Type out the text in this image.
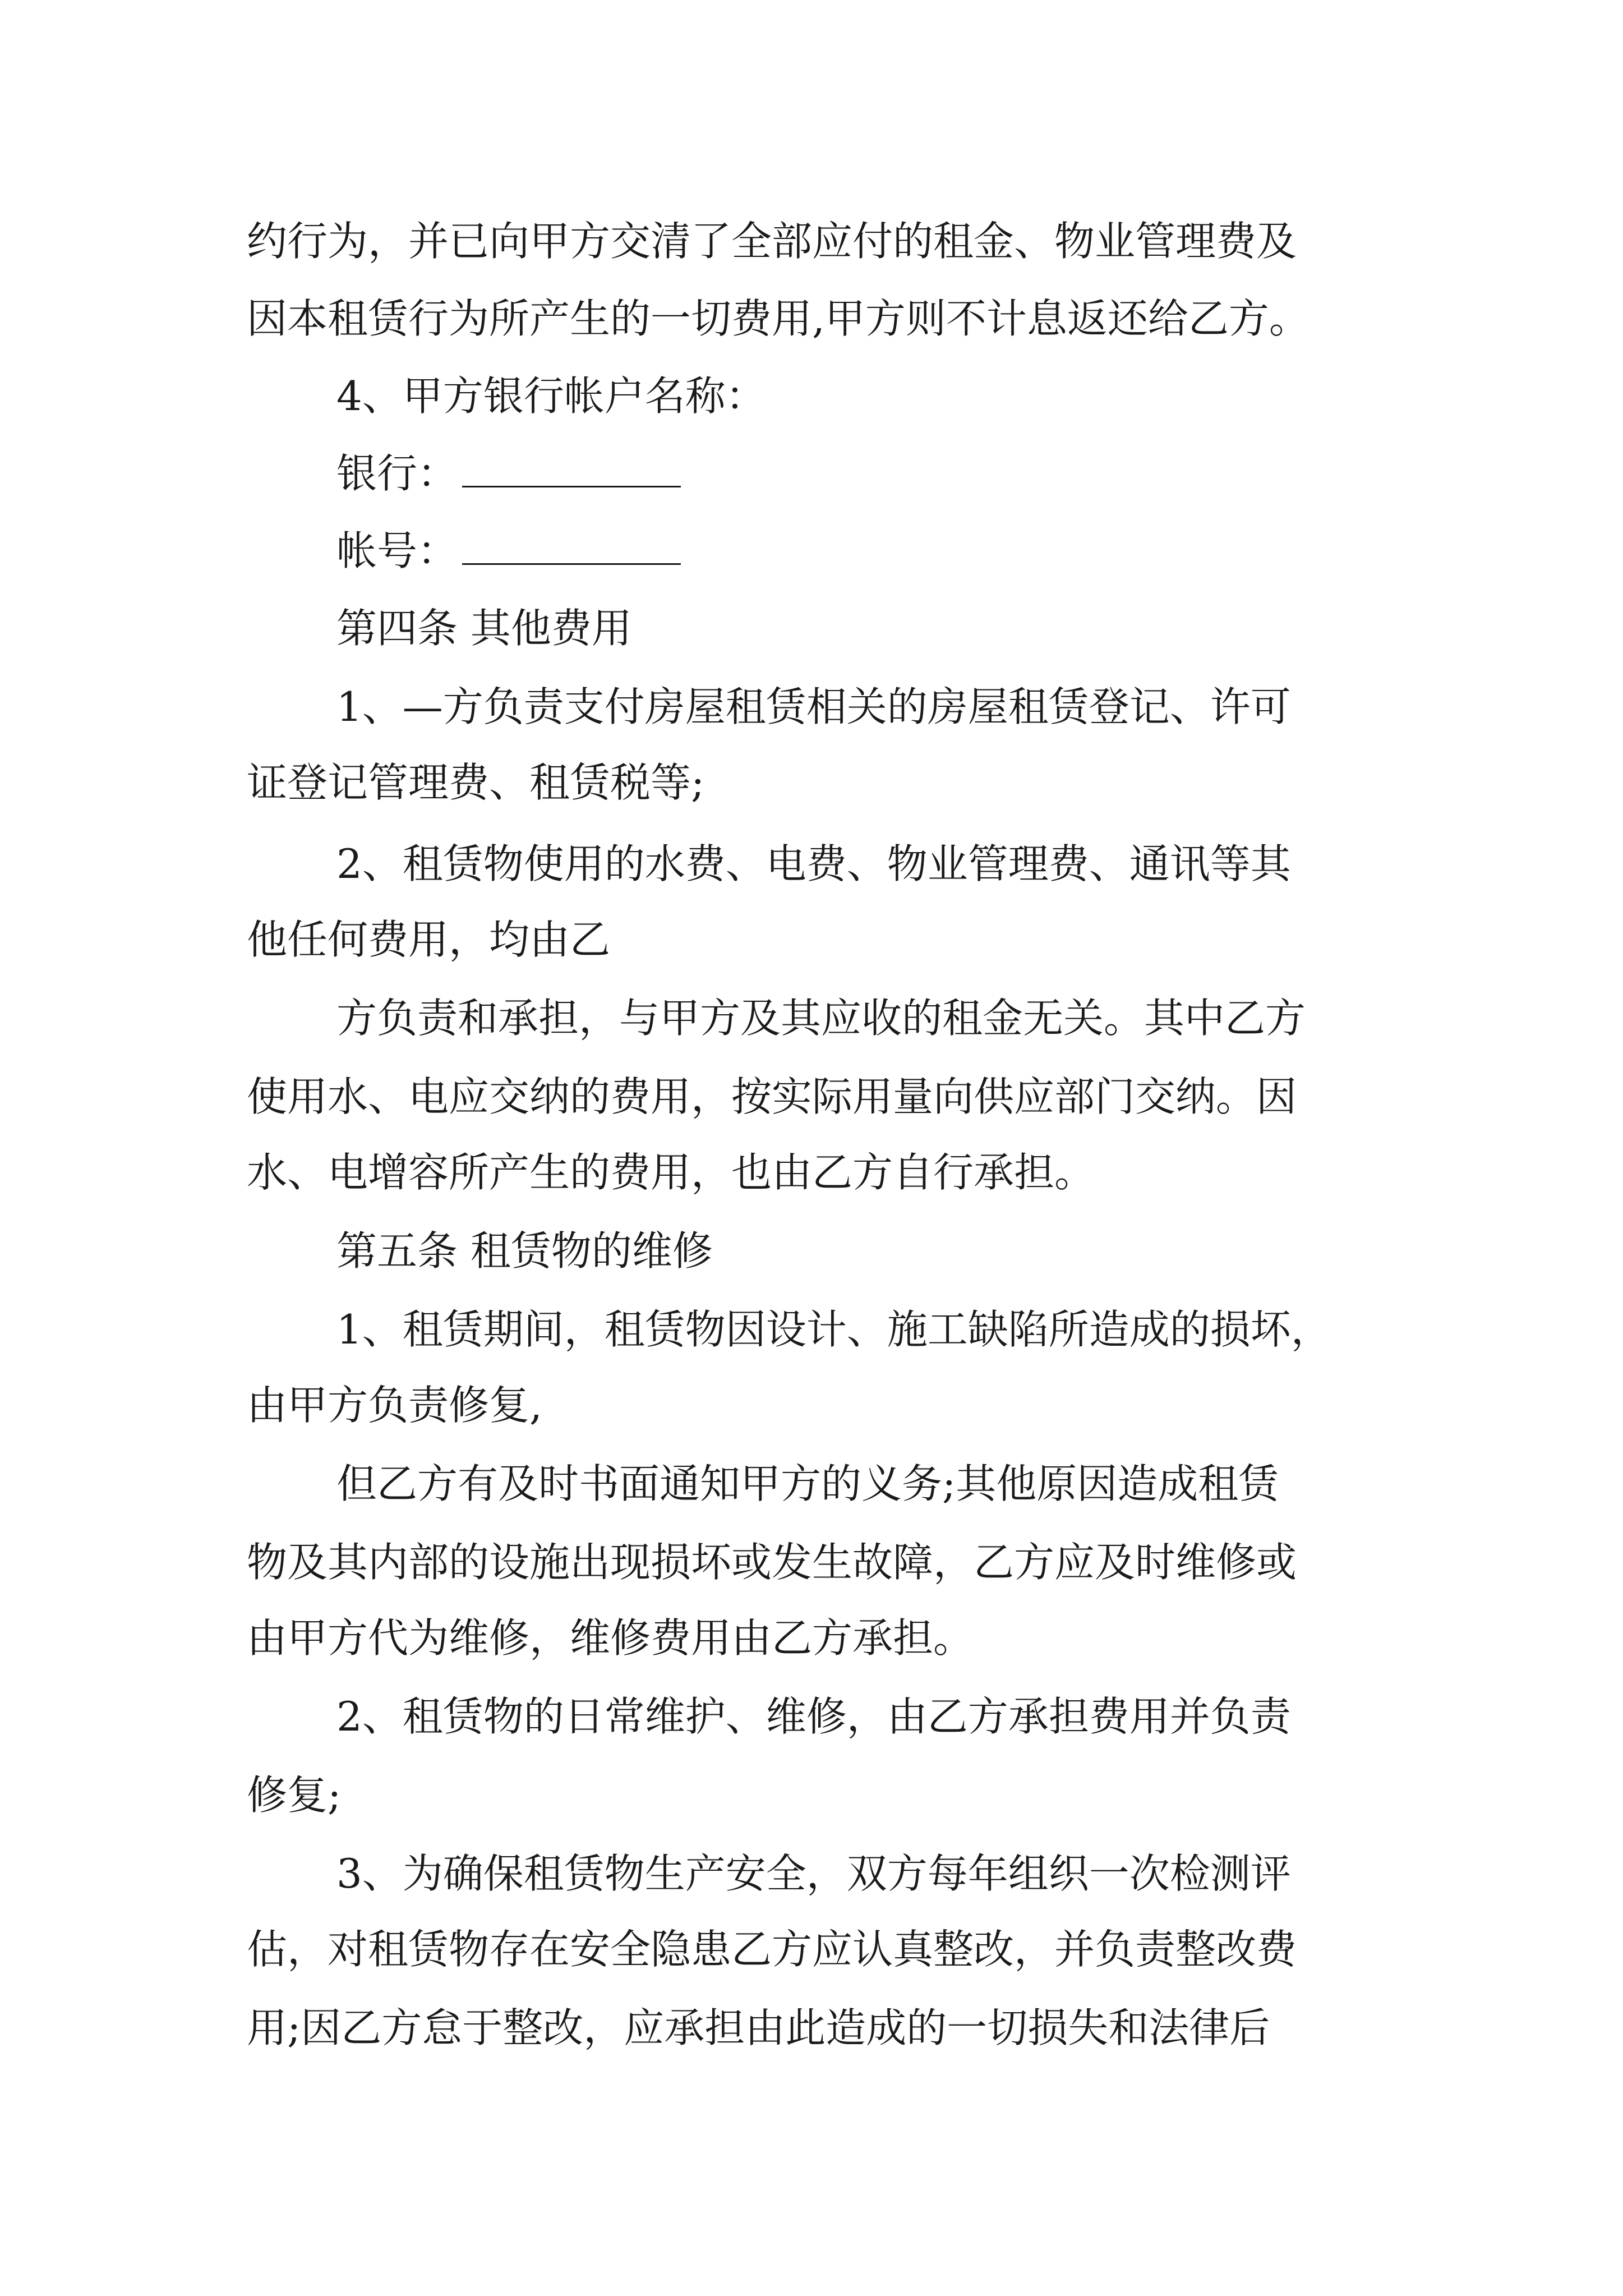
约行为，并已向甲方交清了全部应付的租金、物业管理费及
因本租赁行为所产生的一切费用,甲方则不计息返还给乙方。
4、甲方银行帐户名称：
银行：
帐号：
第四条 其他费用
1、—方负责支付房屋租赁相关的房屋租赁登记、许可
证登记管理费、租赁税等;
2、租赁物使用的水费、电费、物业管理费、通讯等其
他任何费用，均由乙
方负责和承担，与甲方及其应收的租金无关。其中乙方
使用水、电应交纳的费用，按实际用量向供应部门交纳。因
水、电增容所产生的费用，也由乙方自行承担。
第五条 租赁物的维修
1、租赁期间，租赁物因设计、施工缺陷所造成的损坏，
由甲方负责修复,
但乙方有及时书面通知甲方的义务;其他原因造成租赁
物及其内部的设施出现损坏或发生故障，乙方应及时维修或
由甲方代为维修，维修费用由乙方承担。
2、租赁物的日常维护、维修，由乙方承担费用并负责
修复;
3、为确保租赁物生产安全，双方每年组织一次检测评
估，对租赁物存在安全隐患乙方应认真整改，并负责整改费
用;因乙方怠于整改，应承担由此造成的一切损失和法律后
